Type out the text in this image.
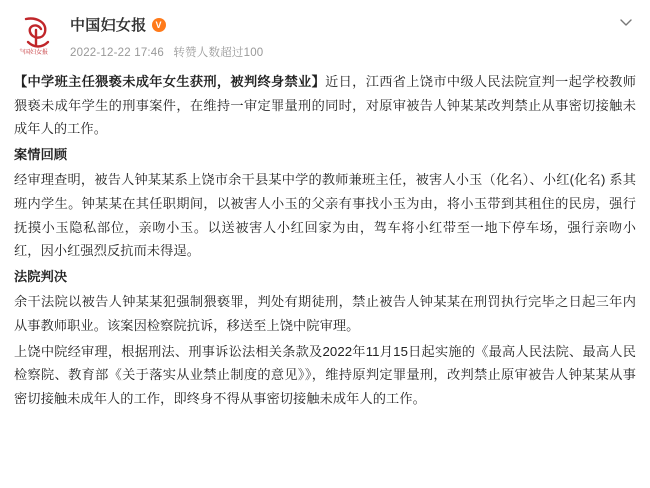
中国妇女报
中国妇女报 V
2022-12-22 17:46 转赞人数超过100

【中学班主任猥亵未成年女生获刑，被判终身禁业】近日，江西省上饶市中级人民法院宣判一起学校教师猥亵未成年学生的刑事案件，在维持一审定罪量刑的同时，对原审被告人钟某某改判禁止从事密切接触未成年人的工作。

案情回顾

经审理查明，被告人钟某某系上饶市余干县某中学的教师兼班主任，被害人小玉（化名）、小红(化名) 系其班内学生。钟某某在其任职期间，以被害人小玉的父亲有事找小玉为由，将小玉带到其租住的民房，强行抚摸小玉隐私部位，亲吻小玉。以送被害人小红回家为由，驾车将小红带至一地下停车场，强行亲吻小红，因小红强烈反抗而未得逞。

法院判决

余干法院以被告人钟某某犯强制猥亵罪，判处有期徒刑，禁止被告人钟某某在刑罚执行完毕之日起三年内从事教师职业。该案因检察院抗诉，移送至上饶中院审理。

上饶中院经审理，根据刑法、刑事诉讼法相关条款及2022年11月15日起实施的《最高人民法院、最高人民检察院、教育部《关于落实从业禁止制度的意见》》，维持原判定罪量刑，改判禁止原审被告人钟某某从事密切接触未成年人的工作，即终身不得从事密切接触未成年人的工作。
